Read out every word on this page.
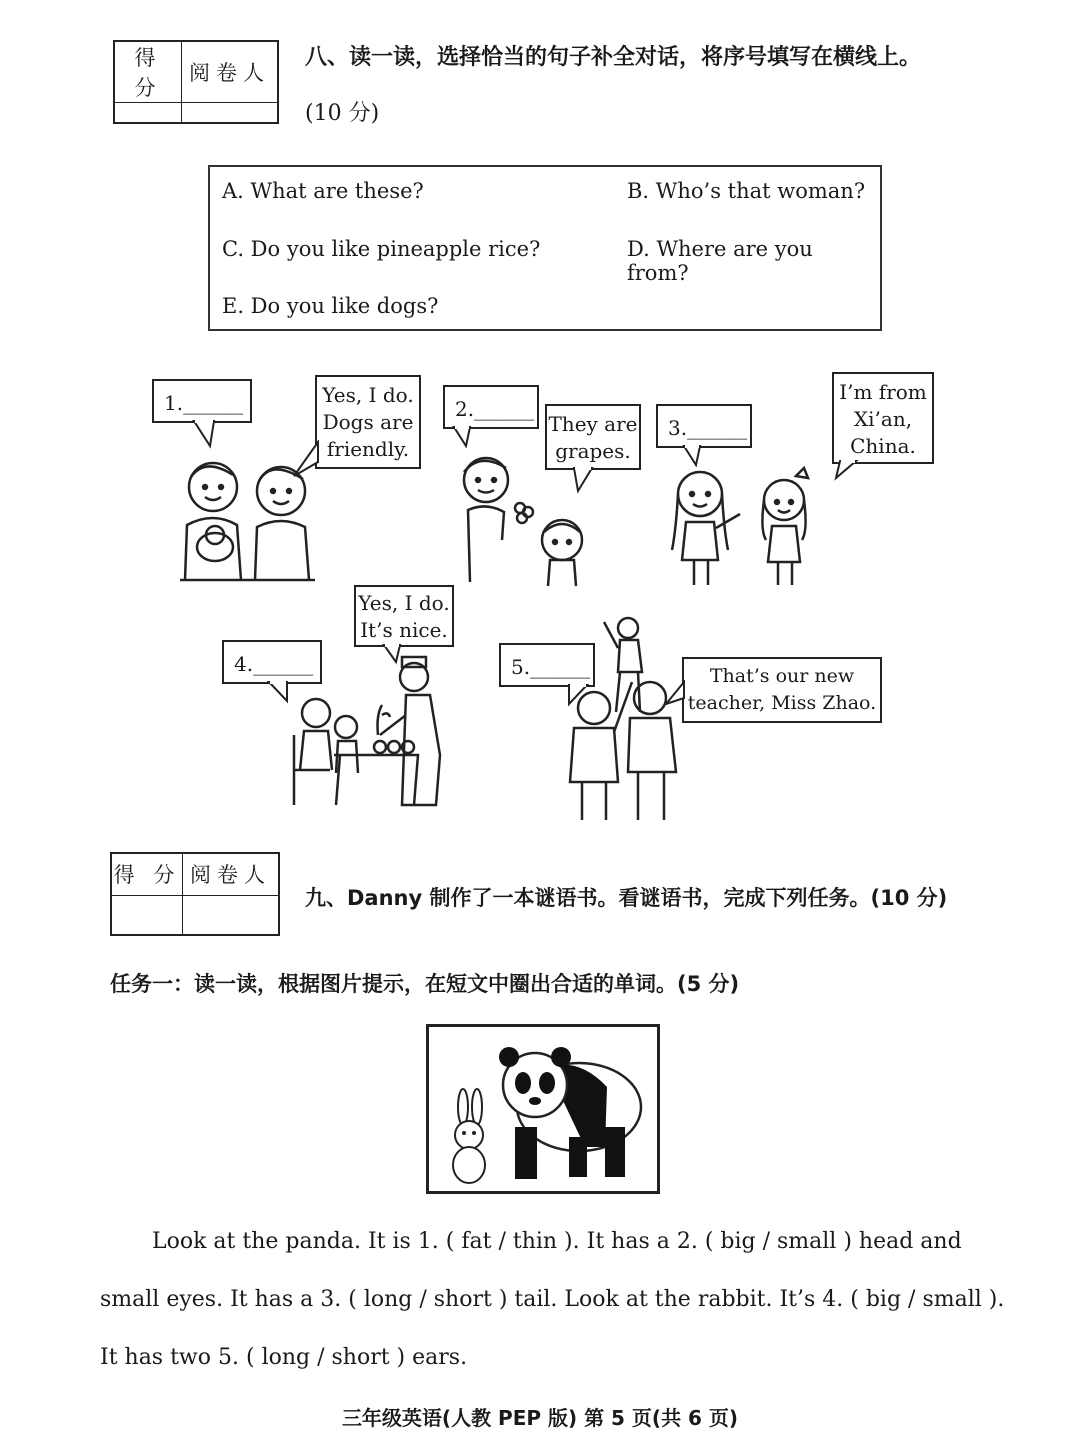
得 分	阅卷人

八、读一读，选择恰当的句子补全对话，将序号填写在横线上。
(10 分)
A. What are these?	B. Who’s that woman?
C. Do you like pineapple rice?	D. Where are you from?
E. Do you like dogs?
1.______	Yes, I do.
Dogs are
friendly.
2.______
They are
grapes.
3.______
I’m from
Xi’an,
China.
4.______
Yes, I do.
It’s nice.
5.______	That’s our new
teacher, Miss Zhao.
得 分	阅卷人

九、Danny 制作了一本谜语书。看谜语书，完成下列任务。(10 分)
任务一：读一读，根据图片提示，在短文中圈出合适的单词。(5 分)
Look at the panda. It is 1. ( fat / thin ). It has a 2. ( big / small ) head and
small eyes. It has a 3. ( long / short ) tail. Look at the rabbit. It’s 4. ( big / small ).
It has two 5. ( long / short ) ears.
三年级英语(人教 PEP 版) 第 5 页(共 6 页)
